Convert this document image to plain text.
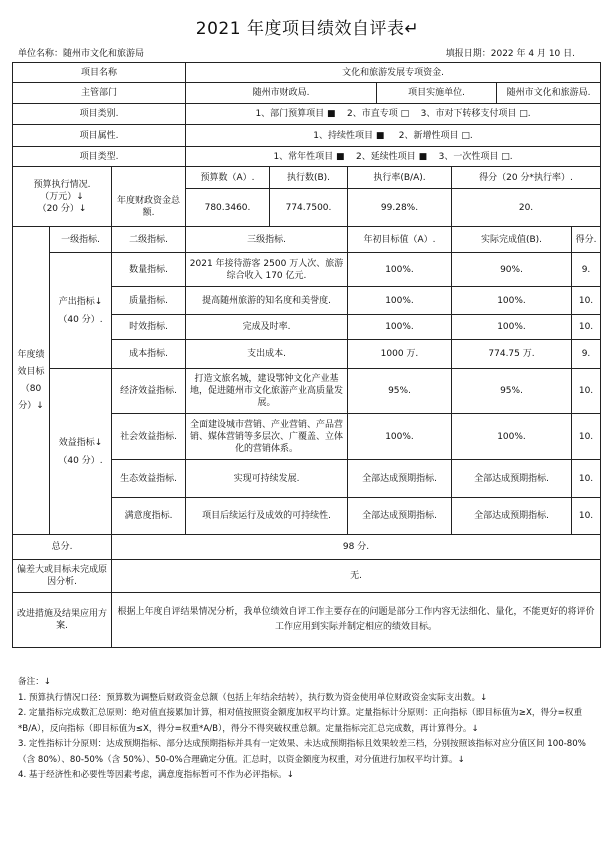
2021 年度项目绩效自评表↵
单位名称：随州市文化和旅游局	填报日期：2022 年 4 月 10 日.
项目名称			文化和旅游发展专项资金.						
主管部门			随州市财政局.			项目实施单位.		随州市文化和旅游局.	
项目类别.			1、部门预算项目 ■ 2、市直专项 □ 3、市对下转移支付项目 □.						
项目属性.			1、持续性项目 ■ 2、新增性项目 □.						
项目类型.			1、常年性项目 ■ 2、延续性项目 ■ 3、一次性项目 □.						

预算执行情况.
（万元）↓
（20 分）↓			预算数（A）.	执行数(B).	执行率(B/A).		得分（20 分*执行率）.		
		年度财政资金总额.	780.3460.	774.7500.	99.28%.		20.		
年度绩效目标（80分）↓	一级指标.	二级指标.	三级指标.		年初目标值（A）.		实际完成值(B).		得分.
	产出指标↓（40 分）.	数量指标.	2021 年接待游客 2500 万人次、旅游综合收入 170 亿元.		100%.		90%.		9.
		质量指标.	提高随州旅游的知名度和美誉度.		100%.		100%.		10.
		时效指标.	完成及时率.		100%.		100%.		10.
		成本指标.	支出成本.		1000 万.		774.75 万.		9.
	效益指标↓（40 分）.	经济效益指标.	打造文旅名城，建设鄂钟文化产业基地，促进随州市文化旅游产业高质量发展。		95%.		95%.		10.
		社会效益指标.	全面建设城市营销、产业营销、产品营销、媒体营销等多层次、广覆盖、立体化的营销体系。		100%.		100%.		10.
		生态效益指标.	实现可持续发展.		全部达成预期指标.		全部达成预期指标.		10.
		满意度指标.	项目后续运行及成效的可持续性.		全部达成预期指标.		全部达成预期指标.		10.
总分.		98 分.							
偏差大或目标未完成原因分析.		无.							
改进措施及结果应用方案.		根据上年度自评结果情况分析，我单位绩效自评工作主要存在的问题是部分工作内容无法细化、量化，不能更好的将评价工作应用到实际并制定相应的绩效目标。							

备注：↓

1. 预算执行情况口径：预算数为调整后财政资金总额（包括上年结余结转），执行数为资金使用单位财政资金实际支出数。↓

2. 定量指标完成数汇总原则：绝对值直接累加计算，相对值按照资金额度加权平均计算。定量指标计分原则：正向指标（即目标值为≥X，得分=权重*B/A），反向指标（即目标值为≤X，得分=权重*A/B），得分不得突破权重总额。定量指标完汇总完成数，再计算得分。↓

3. 定性指标计分原则：达成预期指标、部分达成预期指标并具有一定效果、未达成预期指标且效果较差三档，分别按照该指标对应分值区间 100-80%（含 80%）、80-50%（含 50%）、50-0%合理确定分值。汇总时，以资金额度为权重，对分值进行加权平均计算。↓

4. 基于经济性和必要性等因素考虑，满意度指标暂可不作为必评指标。↓
